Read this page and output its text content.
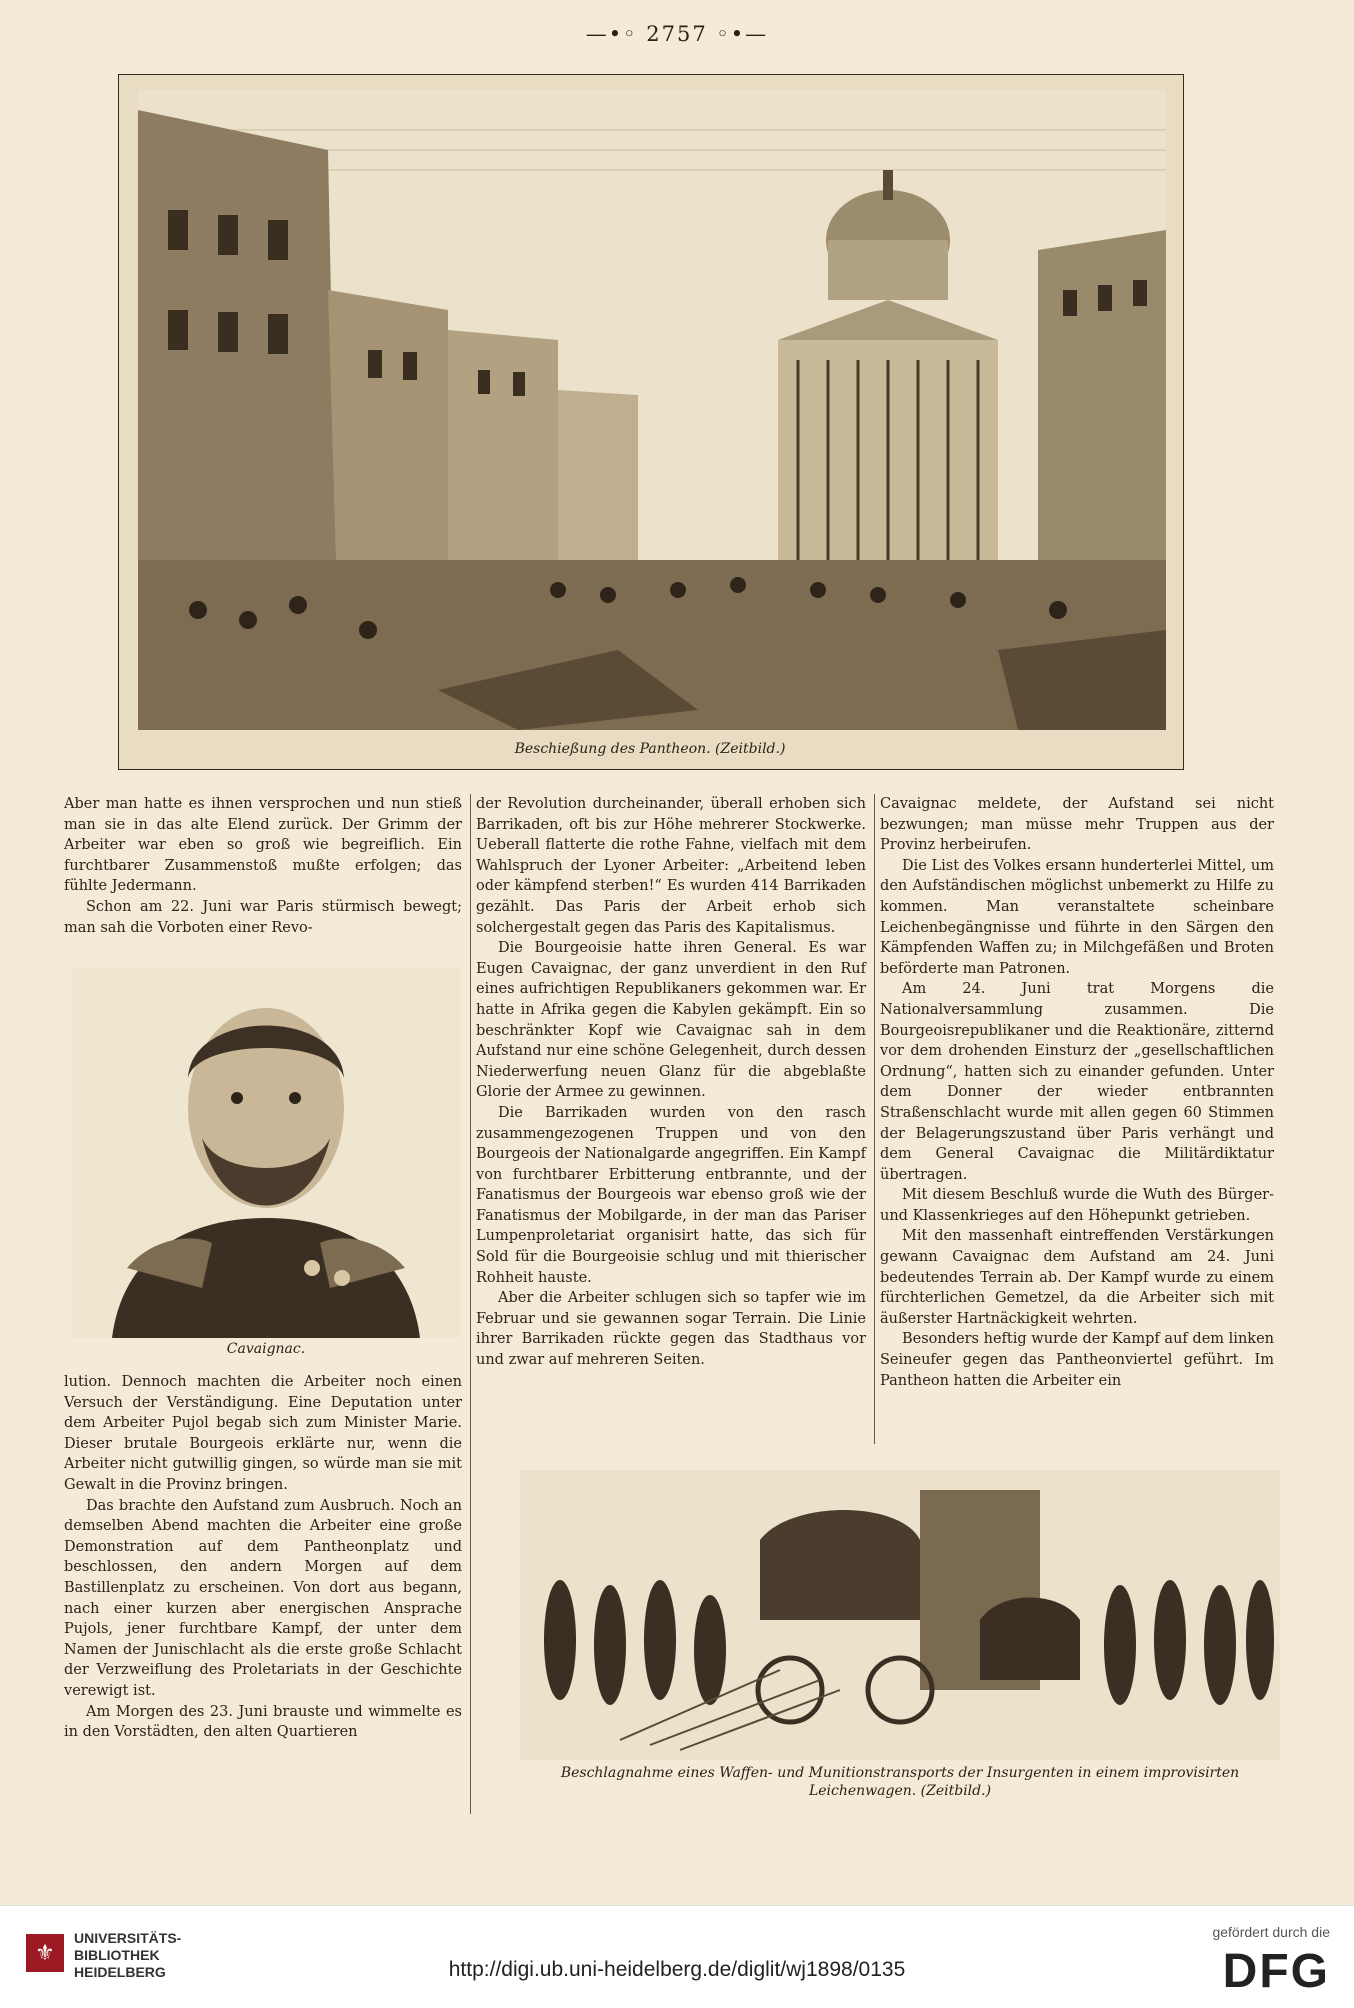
—•◦ 2757 ◦•—
Beschießung des Pantheon. (Zeitbild.)

Aber man hatte es ihnen versprochen und nun stieß man sie in das alte Elend zurück. Der Grimm der Arbeiter war eben so groß wie begreiflich. Ein furchtbarer Zusammenstoß mußte erfolgen; das fühlte Jedermann.

Schon am 22. Juni war Paris stürmisch bewegt; man sah die Vorboten einer Revo-

Cavaignac.

lution. Dennoch machten die Arbeiter noch einen Versuch der Verständigung. Eine Deputation unter dem Arbeiter Pujol begab sich zum Minister Marie. Dieser brutale Bourgeois erklärte nur, wenn die Arbeiter nicht gutwillig gingen, so würde man sie mit Gewalt in die Provinz bringen.

Das brachte den Aufstand zum Ausbruch. Noch an demselben Abend machten die Arbeiter eine große Demonstration auf dem Pantheonplatz und beschlossen, den andern Morgen auf dem Bastillenplatz zu erscheinen. Von dort aus begann, nach einer kurzen aber energischen Ansprache Pujols, jener furchtbare Kampf, der unter dem Namen der Junischlacht als die erste große Schlacht der Verzweiflung des Proletariats in der Geschichte verewigt ist.

Am Morgen des 23. Juni brauste und wimmelte es in den Vorstädten, den alten Quartieren

der Revolution durcheinander, überall erhoben sich Barrikaden, oft bis zur Höhe mehrerer Stockwerke. Ueberall flatterte die rothe Fahne, vielfach mit dem Wahlspruch der Lyoner Arbeiter: „Arbeitend leben oder kämpfend sterben!“ Es wurden 414 Barrikaden gezählt. Das Paris der Arbeit erhob sich solchergestalt gegen das Paris des Kapitalismus.

Die Bourgeoisie hatte ihren General. Es war Eugen Cavaignac, der ganz unverdient in den Ruf eines aufrichtigen Republikaners gekommen war. Er hatte in Afrika gegen die Kabylen gekämpft. Ein so beschränkter Kopf wie Cavaignac sah in dem Aufstand nur eine schöne Gelegenheit, durch dessen Niederwerfung neuen Glanz für die abgeblaßte Glorie der Armee zu gewinnen.

Die Barrikaden wurden von den rasch zusammengezogenen Truppen und von den Bourgeois der Nationalgarde angegriffen. Ein Kampf von furchtbarer Erbitterung entbrannte, und der Fanatismus der Bourgeois war ebenso groß wie der Fanatismus der Mobilgarde, in der man das Pariser Lumpenproletariat organisirt hatte, das sich für Sold für die Bourgeoisie schlug und mit thierischer Rohheit hauste.

Aber die Arbeiter schlugen sich so tapfer wie im Februar und sie gewannen sogar Terrain. Die Linie ihrer Barrikaden rückte gegen das Stadthaus vor und zwar auf mehreren Seiten.

Cavaignac meldete, der Aufstand sei nicht bezwungen; man müsse mehr Truppen aus der Provinz herbeirufen.

Die List des Volkes ersann hunderterlei Mittel, um den Aufständischen möglichst unbemerkt zu Hilfe zu kommen. Man veranstaltete scheinbare Leichenbegängnisse und führte in den Särgen den Kämpfenden Waffen zu; in Milchgefäßen und Broten beförderte man Patronen.

Am 24. Juni trat Morgens die Nationalversammlung zusammen. Die Bourgeoisrepublikaner und die Reaktionäre, zitternd vor dem drohenden Einsturz der „gesellschaftlichen Ordnung“, hatten sich zu einander gefunden. Unter dem Donner der wieder entbrannten Straßenschlacht wurde mit allen gegen 60 Stimmen der Belagerungszustand über Paris verhängt und dem General Cavaignac die Militärdiktatur übertragen.

Mit diesem Beschluß wurde die Wuth des Bürger- und Klassenkrieges auf den Höhepunkt getrieben.

Mit den massenhaft eintreffenden Verstärkungen gewann Cavaignac dem Aufstand am 24. Juni bedeutendes Terrain ab. Der Kampf wurde zu einem fürchterlichen Gemetzel, da die Arbeiter sich mit äußerster Hartnäckigkeit wehrten.

Besonders heftig wurde der Kampf auf dem linken Seineufer gegen das Pantheonviertel geführt. Im Pantheon hatten die Arbeiter ein

Beschlagnahme eines Waffen- und Munitionstransports der Insurgenten in einem improvisirten
Leichenwagen. (Zeitbild.)
⚜
UNIVERSITÄTS-
BIBLIOTHEK
HEIDELBERG	http://digi.ub.uni-heidelberg.de/diglit/wj1898/0135
gefördert durch die
DFG
